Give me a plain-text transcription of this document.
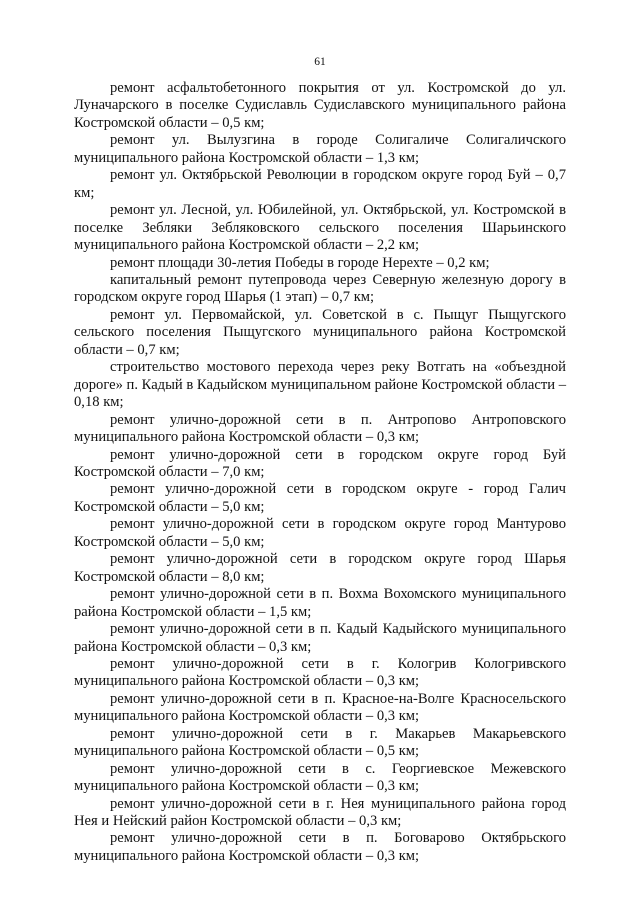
61

ремонт асфальтобетонного покрытия от ул. Костромской до ул. Луначарского в поселке Судиславль Судиславского муниципального района Костромской области – 0,5 км;

ремонт ул. Вылузгина в городе Солигаличе Солигаличского муниципального района Костромской области – 1,3 км;

ремонт ул. Октябрьской Революции в городском округе город Буй – 0,7 км;

ремонт ул. Лесной, ул. Юбилейной, ул. Октябрьской, ул. Костромской в поселке Зебляки Зебляковского сельского поселения Шарьинского муниципального района Костромской области – 2,2 км;

ремонт площади 30-летия Победы в городе Нерехте – 0,2 км;

капитальный ремонт путепровода через Северную железную дорогу в городском округе город Шарья (1 этап) – 0,7 км;

ремонт ул. Первомайской, ул. Советской в с. Пыщуг Пыщугского сельского поселения Пыщугского муниципального района Костромской области – 0,7 км;

строительство мостового перехода через реку Вотгать на «объездной дороге» п. Кадый в Кадыйском муниципальном районе Костромской области – 0,18 км;

ремонт улично-дорожной сети в п. Антропово Антроповского муниципального района Костромской области – 0,3 км;

ремонт улично-дорожной сети в городском округе город Буй Костромской области – 7,0 км;

ремонт улично-дорожной сети в городском округе - город Галич Костромской области – 5,0 км;

ремонт улично-дорожной сети в городском округе город Мантурово Костромской области – 5,0 км;

ремонт улично-дорожной сети в городском округе город Шарья Костромской области – 8,0 км;

ремонт улично-дорожной сети в п. Вохма Вохомского муниципального района Костромской области – 1,5 км;

ремонт улично-дорожной сети в п. Кадый Кадыйского муниципального района Костромской области – 0,3 км;

ремонт улично-дорожной сети в г. Кологрив Кологривского муниципального района Костромской области – 0,3 км;

ремонт улично-дорожной сети в п. Красное-на-Волге Красносельского муниципального района Костромской области – 0,3 км;

ремонт улично-дорожной сети в г. Макарьев Макарьевского муниципального района Костромской области – 0,5 км;

ремонт улично-дорожной сети в с. Георгиевское Межевского муниципального района Костромской области – 0,3 км;

ремонт улично-дорожной сети в г. Нея муниципального района город Нея и Нейский район Костромской области – 0,3 км;

ремонт улично-дорожной сети в п. Боговарово Октябрьского муниципального района Костромской области – 0,3 км;
